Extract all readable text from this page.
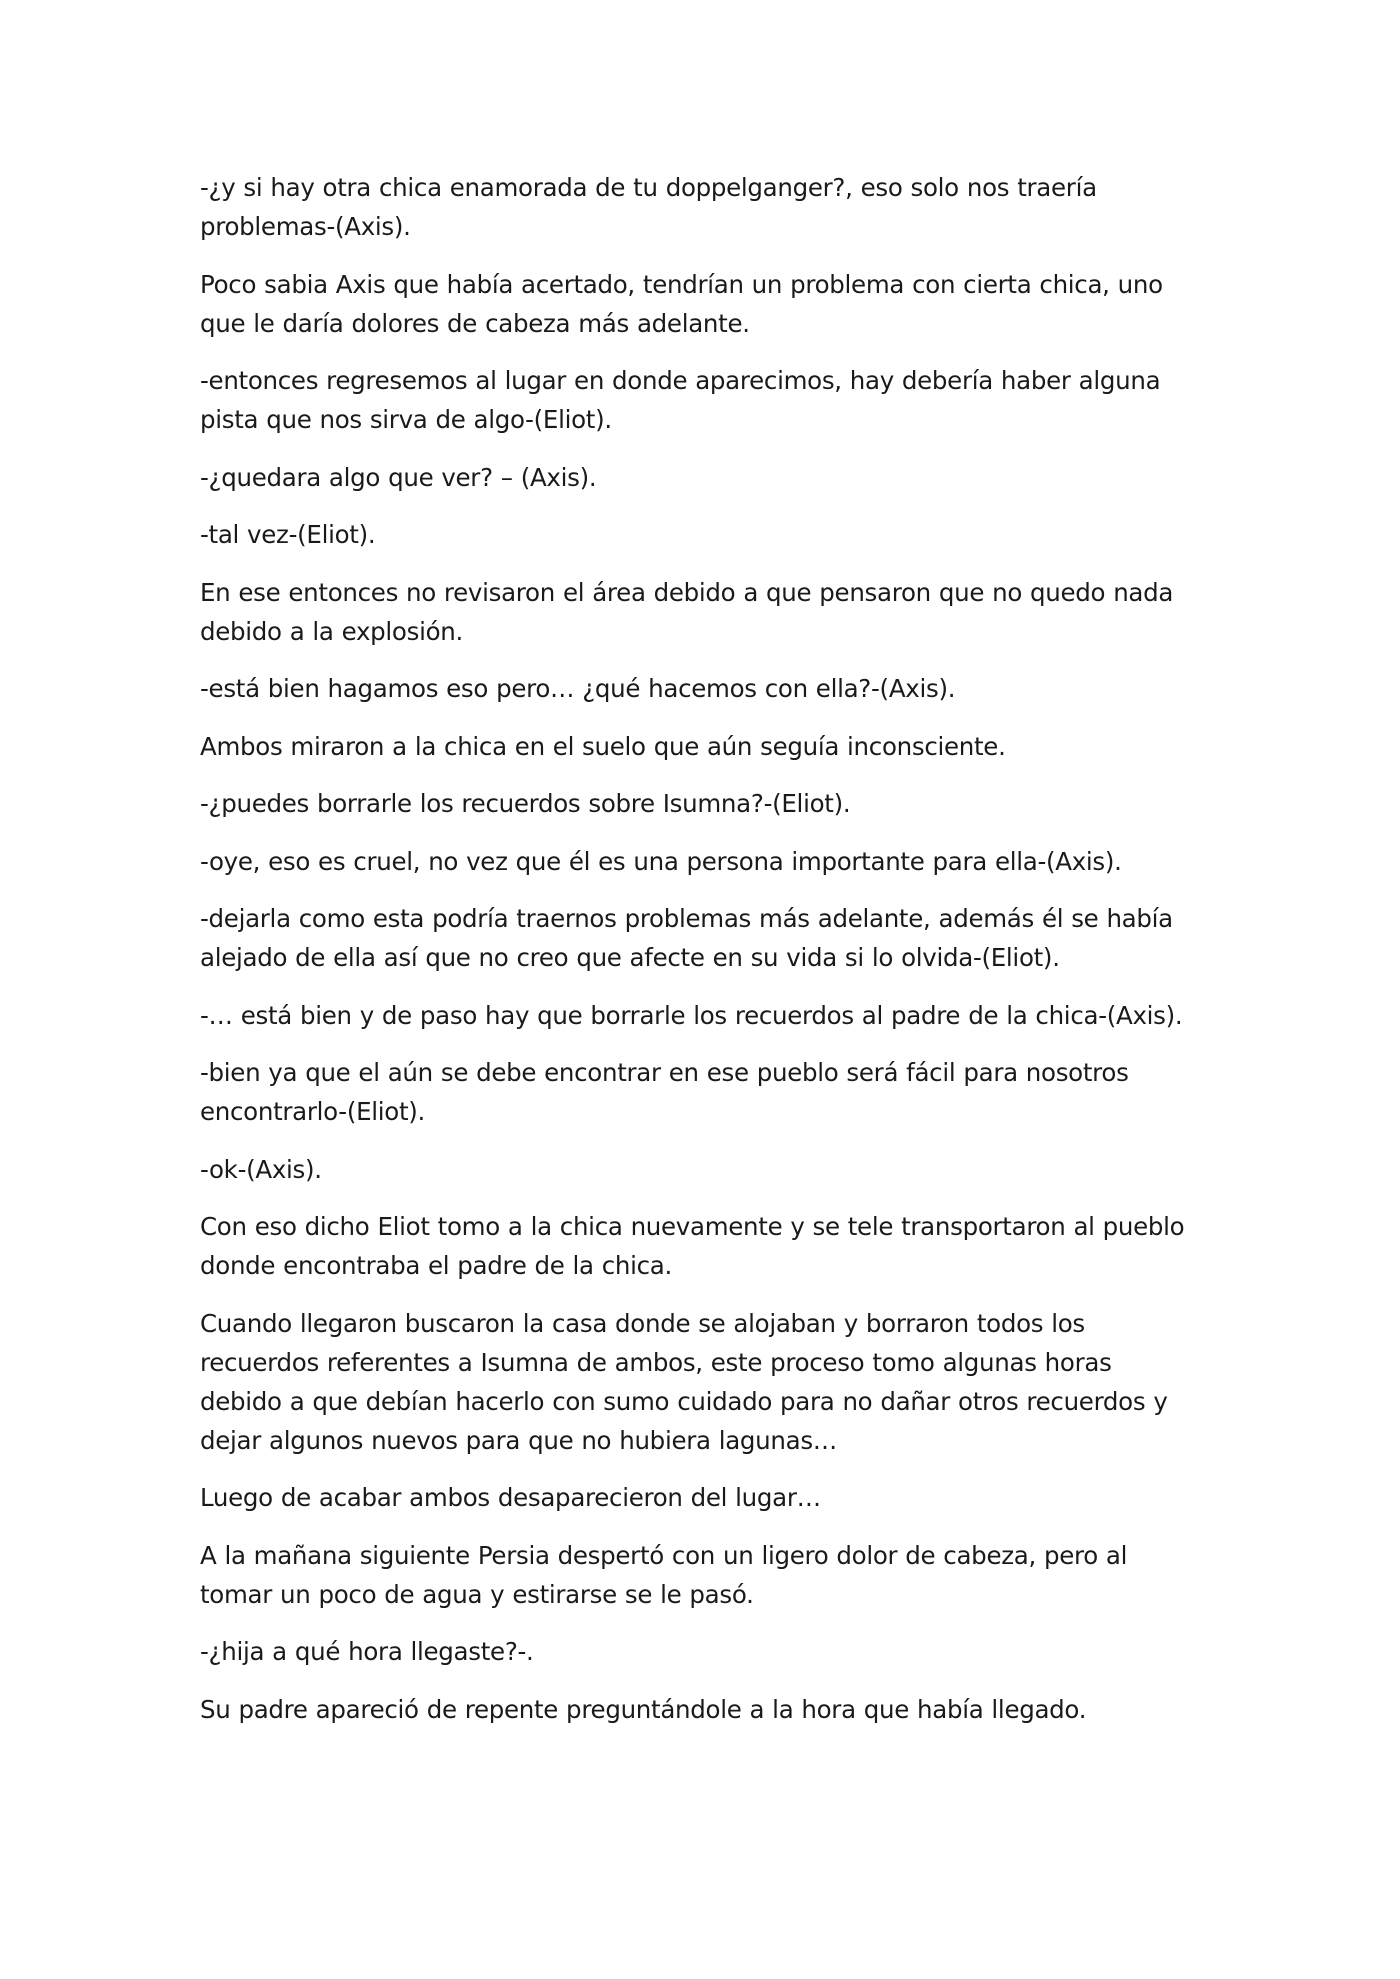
-¿y si hay otra chica enamorada de tu doppelganger?, eso solo nos traería problemas-(Axis).

Poco sabia Axis que había acertado, tendrían un problema con cierta chica, uno que le daría dolores de cabeza más adelante.

-entonces regresemos al lugar en donde aparecimos, hay debería haber alguna pista que nos sirva de algo-(Eliot).

-¿quedara algo que ver? – (Axis).

-tal vez-(Eliot).

En ese entonces no revisaron el área debido a que pensaron que no quedo nada debido a la explosión.

-está bien hagamos eso pero… ¿qué hacemos con ella?-(Axis).

Ambos miraron a la chica en el suelo que aún seguía inconsciente.

-¿puedes borrarle los recuerdos sobre Isumna?-(Eliot).

-oye, eso es cruel, no vez que él es una persona importante para ella-(Axis).

-dejarla como esta podría traernos problemas más adelante, además él se había alejado de ella así que no creo que afecte en su vida si lo olvida-(Eliot).

-… está bien y de paso hay que borrarle los recuerdos al padre de la chica-(Axis).

-bien ya que el aún se debe encontrar en ese pueblo será fácil para nosotros encontrarlo-(Eliot).

-ok-(Axis).

Con eso dicho Eliot tomo a la chica nuevamente y se tele transportaron al pueblo donde encontraba el padre de la chica.

Cuando llegaron buscaron la casa donde se alojaban y borraron todos los recuerdos referentes a Isumna de ambos, este proceso tomo algunas horas debido a que debían hacerlo con sumo cuidado para no dañar otros recuerdos y dejar algunos nuevos para que no hubiera lagunas…

Luego de acabar ambos desaparecieron del lugar…

A la mañana siguiente Persia despertó con un ligero dolor de cabeza, pero al tomar un poco de agua y estirarse se le pasó.

-¿hija a qué hora llegaste?-.

Su padre apareció de repente preguntándole a la hora que había llegado.
